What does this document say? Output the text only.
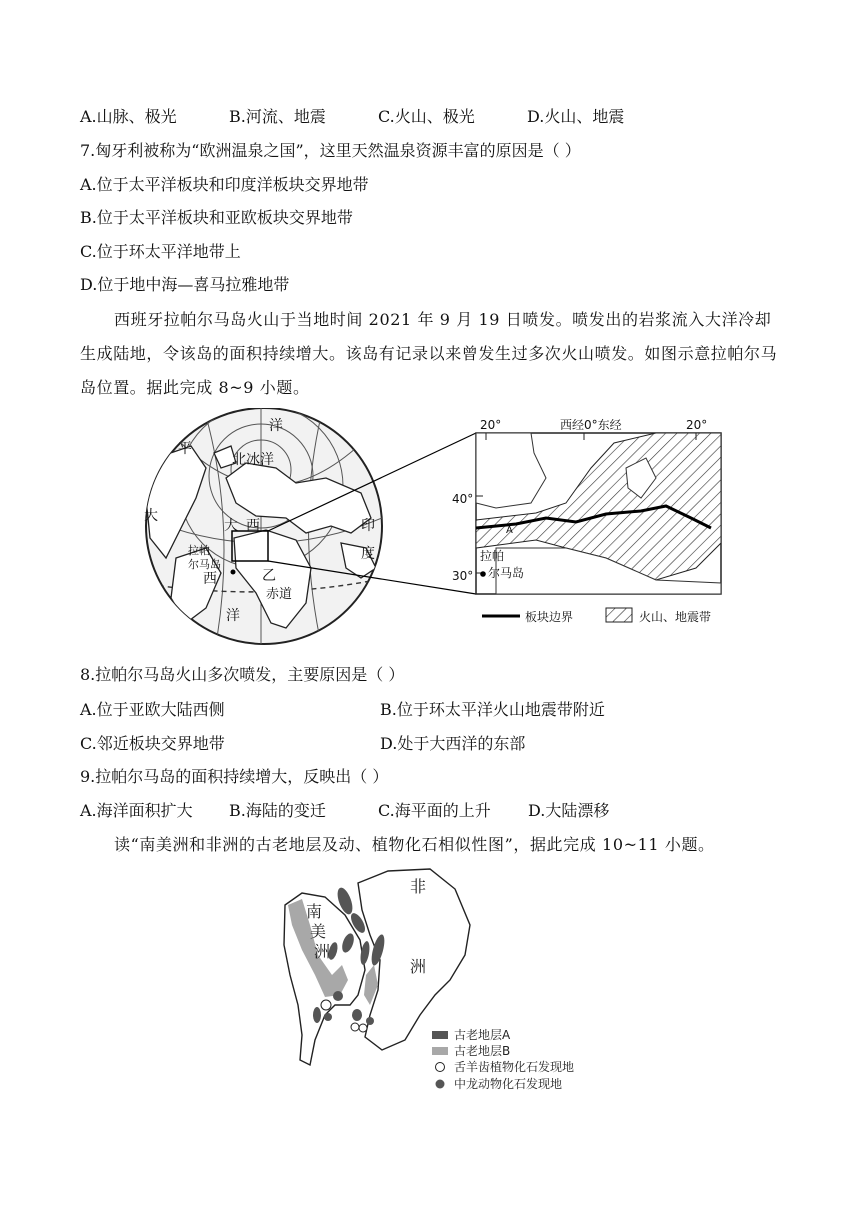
A.山脉、极光	B.河流、地震	C.火山、极光	D.火山、地震
7.匈牙利被称为“欧洲温泉之国”，这里天然温泉资源丰富的原因是（ ）
A.位于太平洋板块和印度洋板块交界地带
B.位于太平洋板块和亚欧板块交界地带
C.位于环太平洋地带上
D.位于地中海—喜马拉雅地带
西班牙拉帕尔马岛火山于当地时间 2021 年 9 月 19 日喷发。喷发出的岩浆流入大洋冷却生成陆地，令该岛的面积持续增大。该岛有记录以来曾发生过多次火山喷发。如图示意拉帕尔马岛位置。据此完成 8~9 小题。
洋
平
北冰洋
大
大 西	印
度
西	乙
赤道
洋
拉帕
尔马岛
20°	西经0°东经	20°
40°
30°
A
拉帕
尔马岛
板块边界	火山、地震带
8.拉帕尔马岛火山多次喷发，主要原因是（ ）
A.位于亚欧大陆西侧	B.位于环太平洋火山地震带附近
C.邻近板块交界地带	D.处于大西洋的东部
9.拉帕尔马岛的面积持续增大，反映出（ ）
A.海洋面积扩大 B.海陆的变迁	C.海平面的上升 D.大陆漂移
读“南美洲和非洲的古老地层及动、植物化石相似性图”，据此完成 10~11 小题。
南
美
洲
非
洲
古老地层A
古老地层B
舌羊齿植物化石发现地
中龙动物化石发现地
